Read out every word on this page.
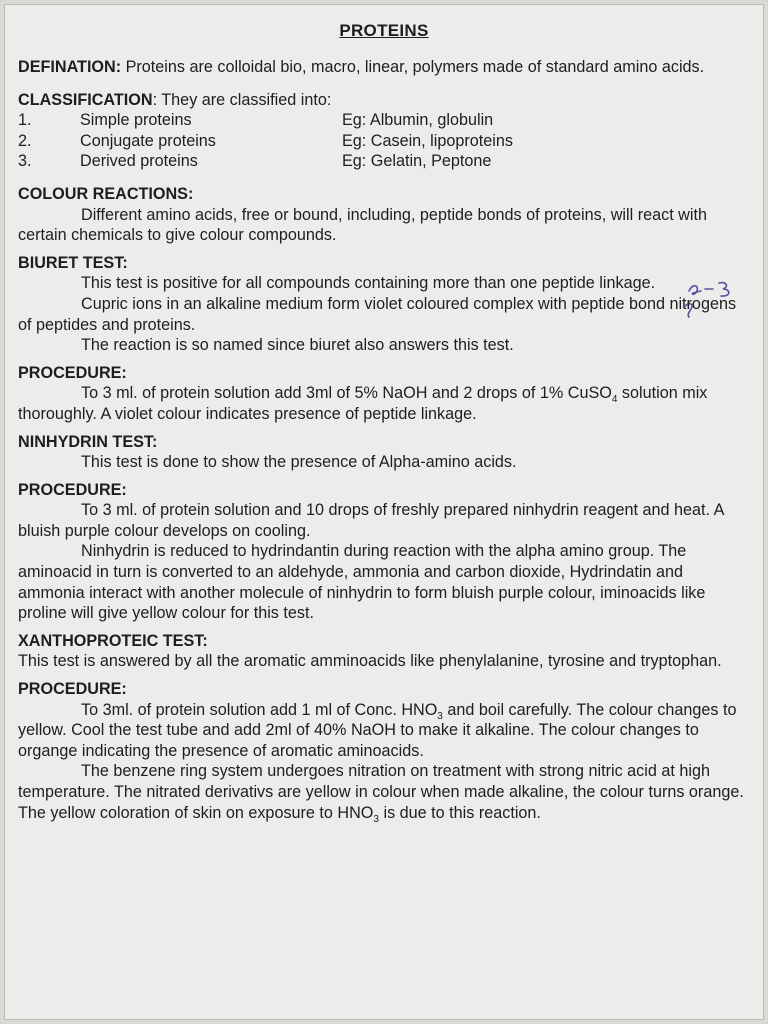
PROTEINS

DEFINATION: Proteins are colloidal bio, macro, linear, polymers made of standard amino acids.

CLASSIFICATION: They are classified into:

1.	Simple proteins	Eg: Albumin, globulin
2.	Conjugate proteins	Eg: Casein, lipoproteins
3.	Derived proteins	Eg: Gelatin, Peptone

COLOUR REACTIONS:

Different amino acids, free or bound, including, peptide bonds of proteins, will react with certain chemicals to give colour compounds.

BIURET TEST:

This test is positive for all compounds containing more than one peptide linkage.

Cupric ions in an alkaline medium form violet coloured complex with peptide bond nitrogens of peptides and proteins.

The reaction is so named since biuret also answers this test.

PROCEDURE:

To 3 ml. of protein solution add 3ml of 5% NaOH and 2 drops of 1% CuSO$_4$ solution mix thoroughly. A violet colour indicates presence of peptide linkage.

NINHYDRIN TEST:

This test is done to show the presence of Alpha-amino acids.

PROCEDURE:

To 3 ml. of protein solution and 10 drops of freshly prepared ninhydrin reagent and heat. A bluish purple colour develops on cooling.

Ninhydrin is reduced to hydrindantin during reaction with the alpha amino group. The aminoacid in turn is converted to an aldehyde, ammonia and carbon dioxide, Hydrindatin and ammonia interact with another molecule of ninhydrin to form bluish purple colour, iminoacids like proline will give yellow colour for this test.

XANTHOPROTEIC TEST:

This test is answered by all the aromatic amminoacids like phenylalanine, tyrosine and tryptophan.

PROCEDURE:

To 3ml. of protein solution add 1 ml of Conc. $HNO_3$ and boil carefully. The colour changes to yellow. Cool the test tube and add 2ml of 40% NaOH to make it alkaline. The colour changes to organge indicating the presence of aromatic aminoacids.

The benzene ring system undergoes nitration on treatment with strong nitric acid at high temperature. The nitrated derivativs are yellow in colour when made alkaline, the colour turns orange. The yellow coloration of skin on exposure to $HNO_3$ is due to this reaction.
